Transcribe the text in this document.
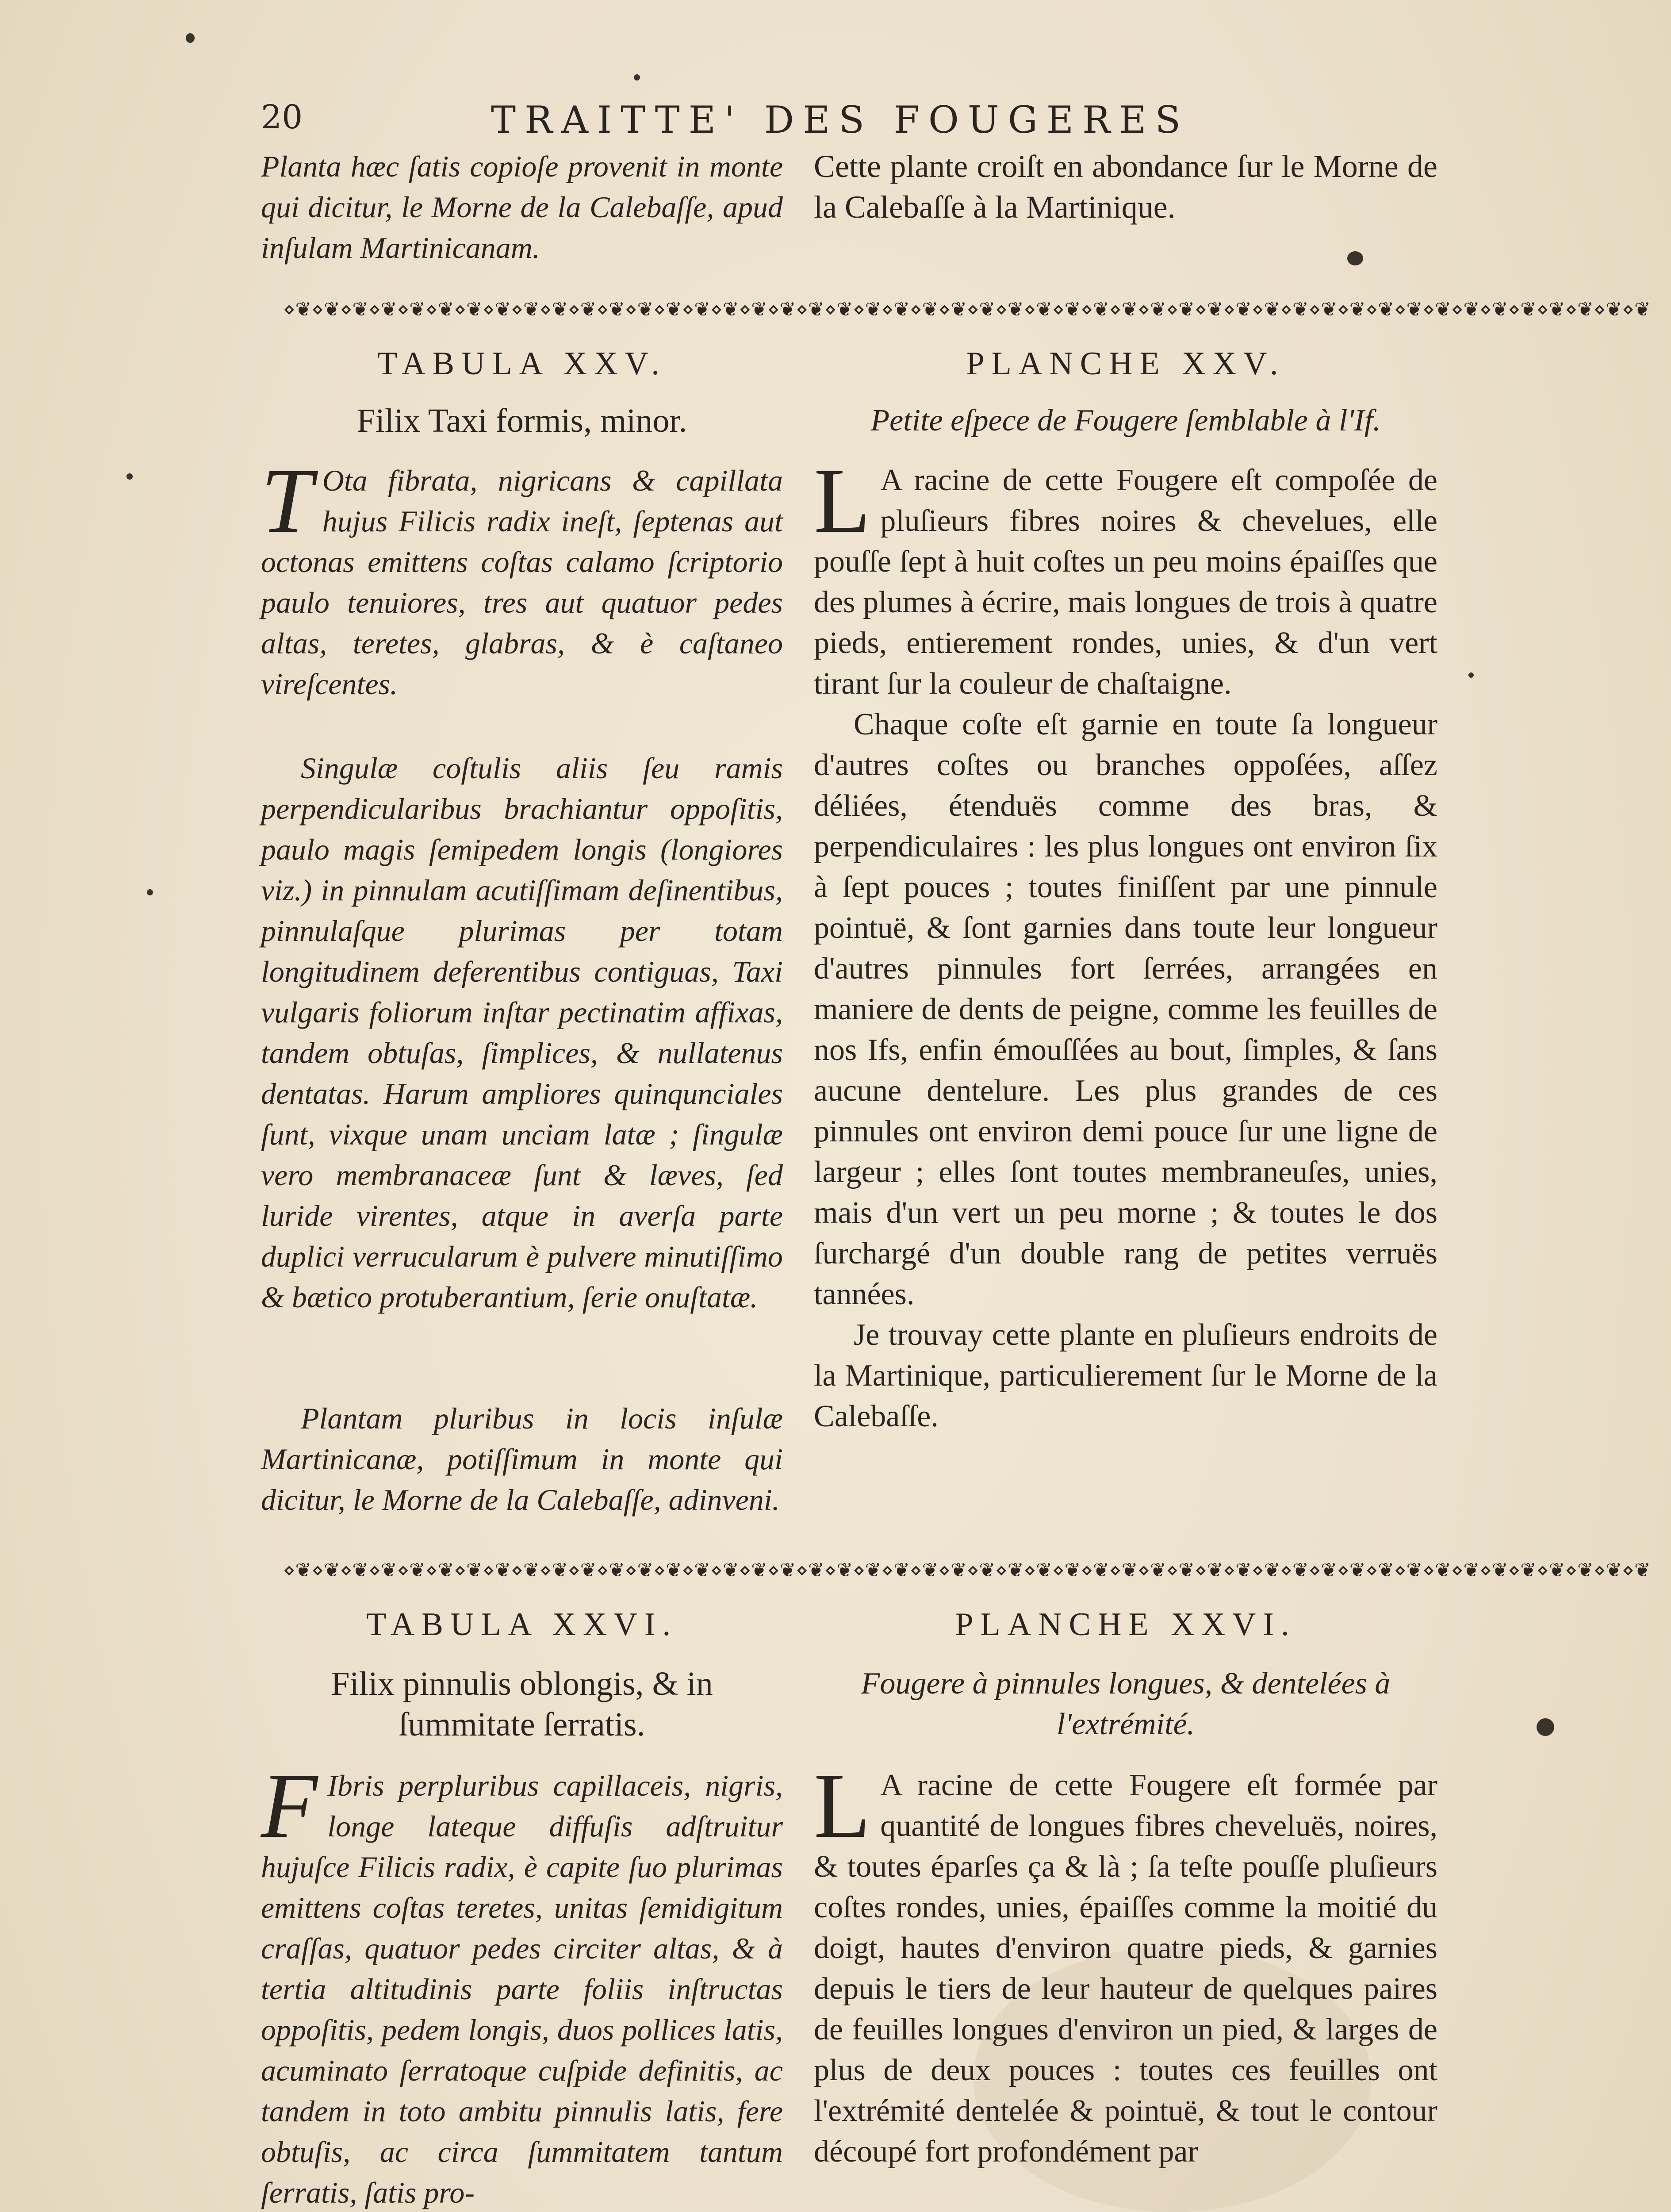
20	TRAITTE' DES FOUGERES

Planta hæc ſatis copioſe provenit in monte qui dicitur, le Morne de la Calebaſſe, apud inſulam Martinicanam.

Cette plante croiſt en abondance ſur le Morne de la Calebaſſe à la Martinique.

⋄❦⋄❦⋄❦⋄❦⋄❦⋄❦⋄❦⋄❦⋄❦⋄❦⋄❦⋄❦⋄❦⋄❦⋄❦⋄❦⋄❦⋄❦⋄❦⋄❦⋄❦⋄❦⋄❦⋄❦⋄❦⋄❦⋄❦⋄❦⋄❦⋄❦⋄❦⋄❦⋄❦⋄❦⋄❦⋄❦⋄❦⋄❦⋄❦⋄❦⋄❦⋄❦⋄❦⋄❦⋄❦⋄❦⋄❦⋄❦
TABULA XXV.	PLANCHE XXV.
Filix Taxi formis, minor.	Petite eſpece de Fougere ſemblable à l'If.

T Ota fibrata, nigricans & capillata hujus Filicis radix ineſt, ſeptenas aut octonas emittens coſtas calamo ſcriptorio paulo tenuiores, tres aut quatuor pedes altas, teretes, glabras, & è caſtaneo vireſcentes.

Singulæ coſtulis aliis ſeu ramis perpendicularibus brachiantur oppoſitis, paulo magis ſemipedem longis (longiores viz.) in pinnulam acutiſſimam deſinentibus, pinnulaſque plurimas per totam longitudinem deferentibus contiguas, Taxi vulgaris foliorum inſtar pectinatim affixas, tandem obtuſas, ſimplices, & nullatenus dentatas. Harum ampliores quinqunciales ſunt, vixque unam unciam latæ ; ſingulæ vero membranaceæ ſunt & læves, ſed luride virentes, atque in averſa parte duplici verrucularum è pulvere minutiſſimo & bætico protuberantium, ſerie onuſtatæ.

Plantam pluribus in locis inſulæ Martinicanæ, potiſſimum in monte qui dicitur, le Morne de la Calebaſſe, adinveni.

L A racine de cette Fougere eſt compoſée de pluſieurs fibres noires & chevelues, elle pouſſe ſept à huit coſtes un peu moins épaiſſes que des plumes à écrire, mais longues de trois à quatre pieds, entierement rondes, unies, & d'un vert tirant ſur la couleur de chaſtaigne.

Chaque coſte eſt garnie en toute ſa longueur d'autres coſtes ou branches oppoſées, aſſez déliées, étenduës comme des bras, & perpendiculaires : les plus longues ont environ ſix à ſept pouces ; toutes finiſſent par une pinnule pointuë, & ſont garnies dans toute leur longueur d'autres pinnules fort ſerrées, arrangées en maniere de dents de peigne, comme les feuilles de nos Ifs, enfin émouſſées au bout, ſimples, & ſans aucune dentelure. Les plus grandes de ces pinnules ont environ demi pouce ſur une ligne de largeur ; elles ſont toutes membraneuſes, unies, mais d'un vert un peu morne ; & toutes le dos ſurchargé d'un double rang de petites verruës tannées.

Je trouvay cette plante en pluſieurs endroits de la Martinique, particulierement ſur le Morne de la Calebaſſe.

⋄❦⋄❦⋄❦⋄❦⋄❦⋄❦⋄❦⋄❦⋄❦⋄❦⋄❦⋄❦⋄❦⋄❦⋄❦⋄❦⋄❦⋄❦⋄❦⋄❦⋄❦⋄❦⋄❦⋄❦⋄❦⋄❦⋄❦⋄❦⋄❦⋄❦⋄❦⋄❦⋄❦⋄❦⋄❦⋄❦⋄❦⋄❦⋄❦⋄❦⋄❦⋄❦⋄❦⋄❦⋄❦⋄❦⋄❦⋄❦
TABULA XXVI.	PLANCHE XXVI.
Filix pinnulis oblongis, & in ſummitate ſerratis.
Fougere à pinnules longues, & dentelées à l'extrémité.

F Ibris perpluribus capillaceis, nigris, longe lateque diffuſis adſtruitur hujuſce Filicis radix, è capite ſuo plurimas emittens coſtas teretes, unitas ſemidigitum craſſas, quatuor pedes circiter altas, & à tertia altitudinis parte foliis inſtructas oppoſitis, pedem longis, duos pollices latis, acuminato ſerratoque cuſpide definitis, ac tandem in toto ambitu pinnulis latis, fere obtuſis, ac circa ſummitatem tantum ſerratis, ſatis pro-

L A racine de cette Fougere eſt formée par quantité de longues fibres cheveluës, noires, & toutes éparſes ça & là ; ſa teſte pouſſe pluſieurs coſtes rondes, unies, épaiſſes comme la moitié du doigt, hautes d'environ quatre pieds, & garnies depuis le tiers de leur hauteur de quelques paires de feuilles longues d'environ un pied, & larges de plus de deux pouces : toutes ces feuilles ont l'extrémité dentelée & pointuë, & tout le contour découpé fort profondément par
